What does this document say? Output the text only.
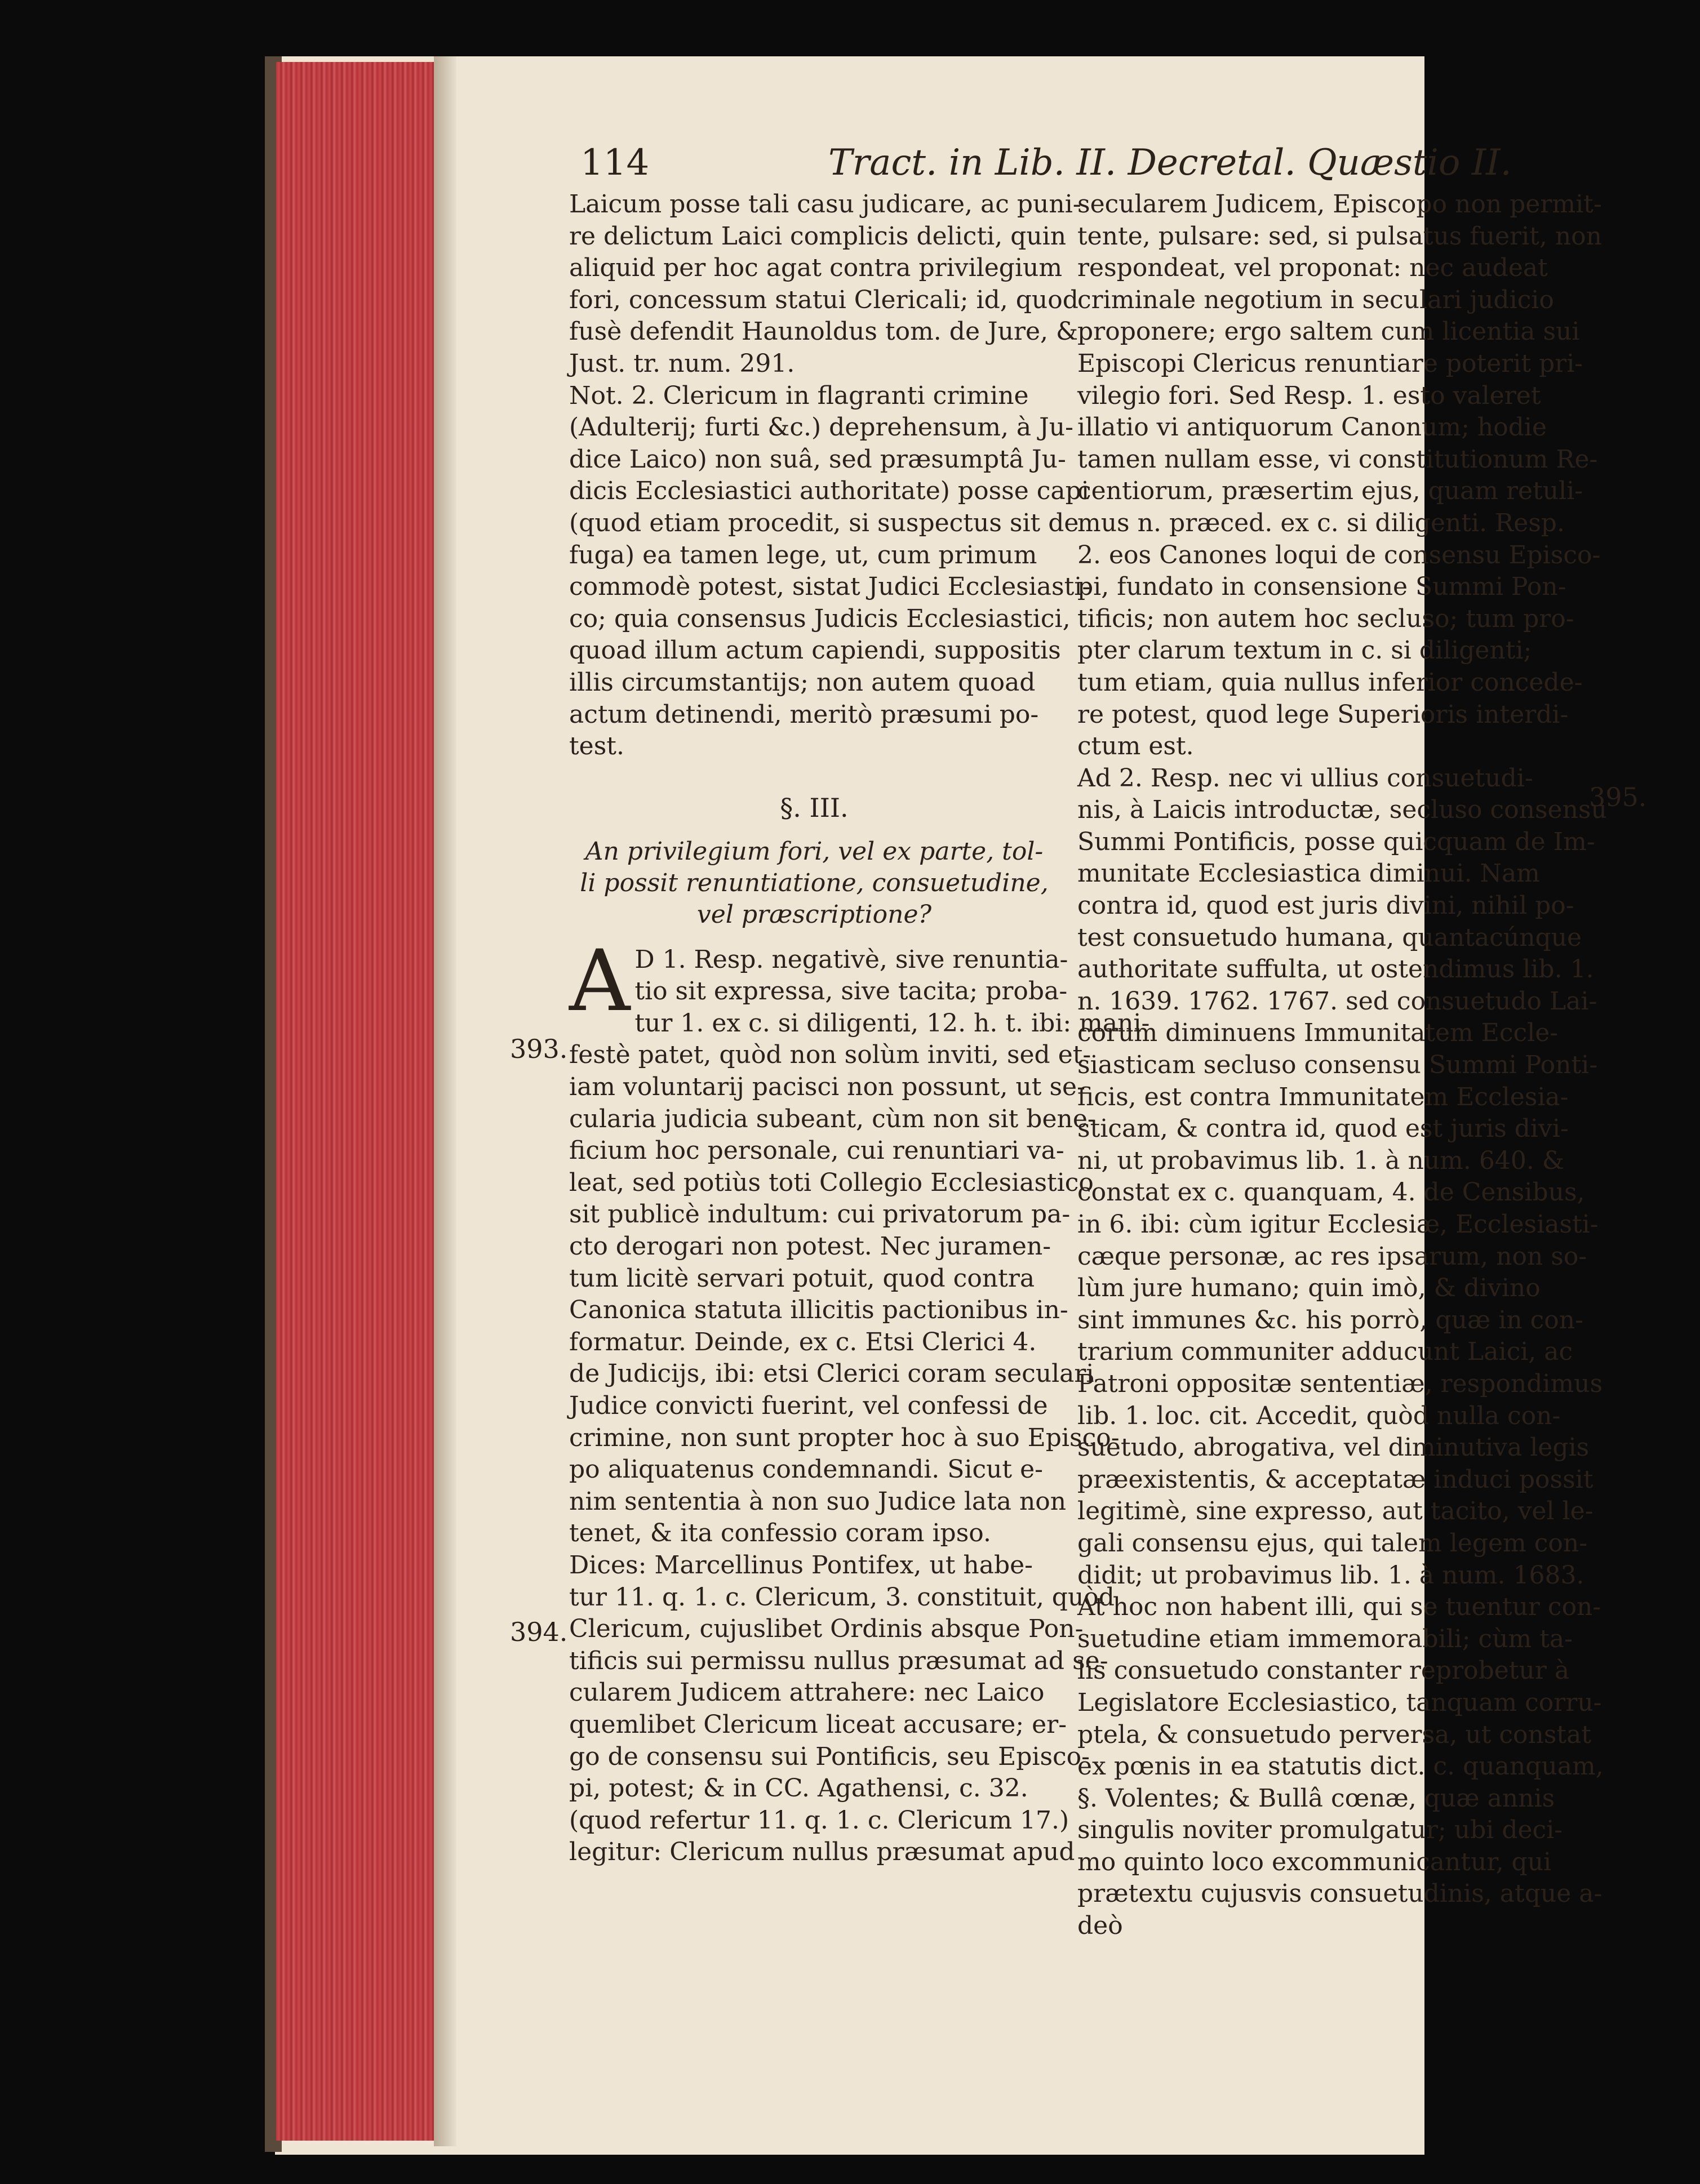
114	Tract. in Lib. II. Decretal. Quæstio II.
393.
394.
395.
Laicum posse tali casu judicare, ac puni-
re delictum Laici complicis delicti, quin
aliquid per hoc agat contra privilegium
fori, concessum statui Clericali; id, quod
fusè defendit Haunoldus tom. de Jure, &
Just. tr. num. 291.
Not. 2. Clericum in flagranti crimine
(Adulterij; furti &c.) deprehensum, à Ju-
dice Laico) non suâ, sed præsumptâ Ju-
dicis Ecclesiastici authoritate) posse capi
(quod etiam procedit, si suspectus sit de
fuga) ea tamen lege, ut, cum primum
commodè potest, sistat Judici Ecclesiasti-
co; quia consensus Judicis Ecclesiastici,
quoad illum actum capiendi, suppositis
illis circumstantijs; non autem quoad
actum detinendi, meritò præsumi po-
test.
§. III.
An privilegium fori, vel ex parte, tol-
li possit renuntiatione, consuetudine,
vel præscriptione?
A D 1. Resp. negativè, sive renuntia-
tio sit expressa, sive tacita; proba-
tur 1. ex c. si diligenti, 12. h. t. ibi: mani-
festè patet, quòd non solùm inviti, sed et-
iam voluntarij pacisci non possunt, ut se-
cularia judicia subeant, cùm non sit bene-
ficium hoc personale, cui renuntiari va-
leat, sed potiùs toti Collegio Ecclesiastico
sit publicè indultum: cui privatorum pa-
cto derogari non potest. Nec juramen-
tum licitè servari potuit, quod contra
Canonica statuta illicitis pactionibus in-
formatur. Deinde, ex c. Etsi Clerici 4.
de Judicijs, ibi: etsi Clerici coram seculari
Judice convicti fuerint, vel confessi de
crimine, non sunt propter hoc à suo Episco-
po aliquatenus condemnandi. Sicut e-
nim sententia à non suo Judice lata non
tenet, & ita confessio coram ipso.
Dices: Marcellinus Pontifex, ut habe-
tur 11. q. 1. c. Clericum, 3. constituit, quòd
Clericum, cujuslibet Ordinis absque Pon-
tificis sui permissu nullus præsumat ad se-
cularem Judicem attrahere: nec Laico
quemlibet Clericum liceat accusare; er-
go de consensu sui Pontificis, seu Episco-
pi, potest; & in CC. Agathensi, c. 32.
(quod refertur 11. q. 1. c. Clericum 17.)
legitur: Clericum nullus præsumat apud
secularem Judicem, Episcopo non permit-
tente, pulsare: sed, si pulsatus fuerit, non
respondeat, vel proponat: nec audeat
criminale negotium in seculari judicio
proponere; ergo saltem cum licentia sui
Episcopi Clericus renuntiare poterit pri-
vilegio fori. Sed Resp. 1. esto valeret
illatio vi antiquorum Canonum; hodie
tamen nullam esse, vi constitutionum Re-
centiorum, præsertim ejus, quam retuli-
mus n. præced. ex c. si diligenti. Resp.
2. eos Canones loqui de consensu Episco-
pi, fundato in consensione Summi Pon-
tificis; non autem hoc secluso; tum pro-
pter clarum textum in c. si diligenti;
tum etiam, quia nullus inferior concede-
re potest, quod lege Superioris interdi-
ctum est.
Ad 2. Resp. nec vi ullius consuetudi-
nis, à Laicis introductæ, secluso consensu
Summi Pontificis, posse quicquam de Im-
munitate Ecclesiastica diminui. Nam
contra id, quod est juris divini, nihil po-
test consuetudo humana, quantacúnque
authoritate suffulta, ut ostendimus lib. 1.
n. 1639. 1762. 1767. sed consuetudo Lai-
corum diminuens Immunitatem Eccle-
siasticam secluso consensu Summi Ponti-
ficis, est contra Immunitatem Ecclesia-
sticam, & contra id, quod est juris divi-
ni, ut probavimus lib. 1. à num. 640. &
constat ex c. quanquam, 4. de Censibus,
in 6. ibi: cùm igitur Ecclesiæ, Ecclesiasti-
cæque personæ, ac res ipsarum, non so-
lùm jure humano; quin imò, & divino
sint immunes &c. his porrò, quæ in con-
trarium communiter adducunt Laici, ac
Patroni oppositæ sententiæ, respondimus
lib. 1. loc. cit. Accedit, quòd nulla con-
suetudo, abrogativa, vel diminutiva legis
præexistentis, & acceptatæ induci possit
legitimè, sine expresso, aut tacito, vel le-
gali consensu ejus, qui talem legem con-
didit; ut probavimus lib. 1. à num. 1683.
At hoc non habent illi, qui se tuentur con-
suetudine etiam immemorabili; cùm ta-
lis consuetudo constanter reprobetur à
Legislatore Ecclesiastico, tanquam corru-
ptela, & consuetudo perversa, ut constat
ex pœnis in ea statutis dict. c. quanquam,
§. Volentes; & Bullâ cœnæ, quæ annis
singulis noviter promulgatur; ubi deci-
mo quinto loco excommunicantur, qui
prætextu cujusvis consuetudinis, atque a-
deò
